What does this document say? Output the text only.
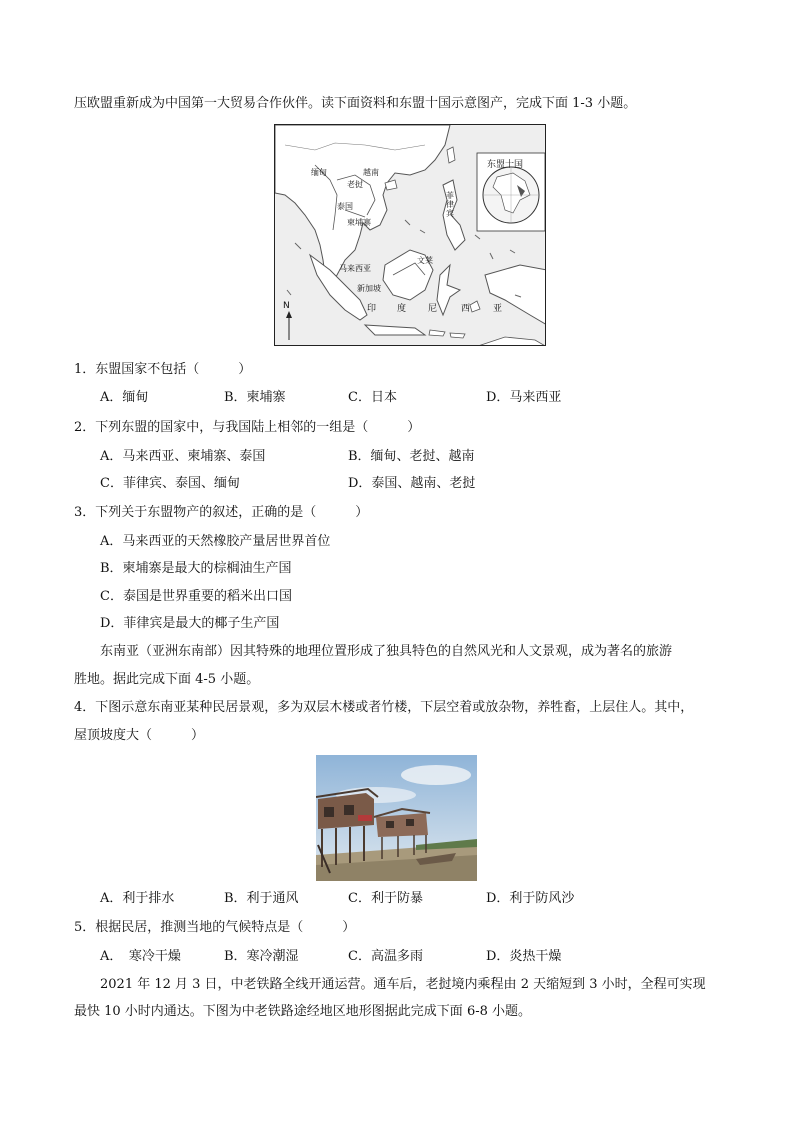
压欧盟重新成为中国第一大贸易合作伙伴。读下面资料和东盟十国示意图产，完成下面 1-3 小题。
东盟十国
缅甸
老挝
越南
泰国
柬埔寨
菲律宾
马来西亚
文莱
新加坡
印 度 尼	西	亚
N
1．东盟国家不包括（　　　）
A．缅甸	B．柬埔寨	C．日本	D．马来西亚
2．下列东盟的国家中，与我国陆上相邻的一组是（　　　）
A．马来西亚、柬埔寨、泰国	B．缅甸、老挝、越南
C．菲律宾、泰国、缅甸	D．泰国、越南、老挝
3．下列关于东盟物产的叙述，正确的是（　　　）
A．马来西亚的天然橡胶产量居世界首位
B．柬埔寨是最大的棕榈油生产国
C．泰国是世界重要的稻米出口国
D．菲律宾是最大的椰子生产国
东南亚（亚洲东南部）因其特殊的地理位置形成了独具特色的自然风光和人文景观，成为著名的旅游
胜地。据此完成下面 4-5 小题。
4．下图示意东南亚某种民居景观，多为双层木楼或者竹楼，下层空着或放杂物，养牲畜，上层住人。其中，
屋顶坡度大（　　　）
A．利于排水	B．利于通风	C．利于防暴	D．利于防风沙
5．根据民居，推测当地的气候特点是（　　　）
A．　寒冷干燥	B．寒冷潮湿	C．高温多雨	D．炎热干燥
2021 年 12 月 3 日，中老铁路全线开通运营。通车后，老挝境内乘程由 2 天缩短到 3 小时，全程可实现
最快 10 小时内通达。下图为中老铁路途经地区地形图据此完成下面 6-8 小题。
